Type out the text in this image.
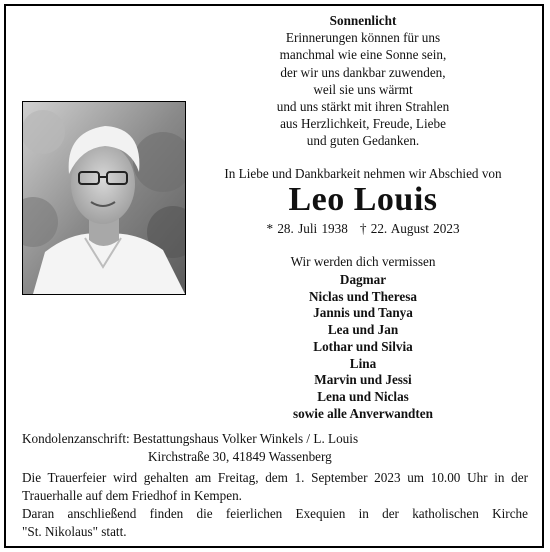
Sonnenlicht
Erinnerungen können für uns
manchmal wie eine Sonne sein,
der wir uns dankbar zuwenden,
weil sie uns wärmt
und uns stärkt mit ihren Strahlen
aus Herzlichkeit, Freude, Liebe
und guten Gedanken.
In Liebe und Dankbarkeit nehmen wir Abschied von
Leo Louis
* 28. Juli 1938 † 22. August 2023
Wir werden dich vermissen
Dagmar
Niclas und Theresa
Jannis und Tanya
Lea und Jan
Lothar und Silvia
Lina
Marvin und Jessi
Lena und Niclas
sowie alle Anverwandten
Kondolenzanschrift: Bestattungshaus Volker Winkels / L. Louis
Kirchstraße 30, 41849 Wassenberg
Die Trauerfeier wird gehalten am Freitag, dem 1. September 2023 um 10.00 Uhr in der
Trauerhalle auf dem Friedhof in Kempen.
Daran anschließend finden die feierlichen Exequien in der katholischen Kirche
"St. Nikolaus" statt.
